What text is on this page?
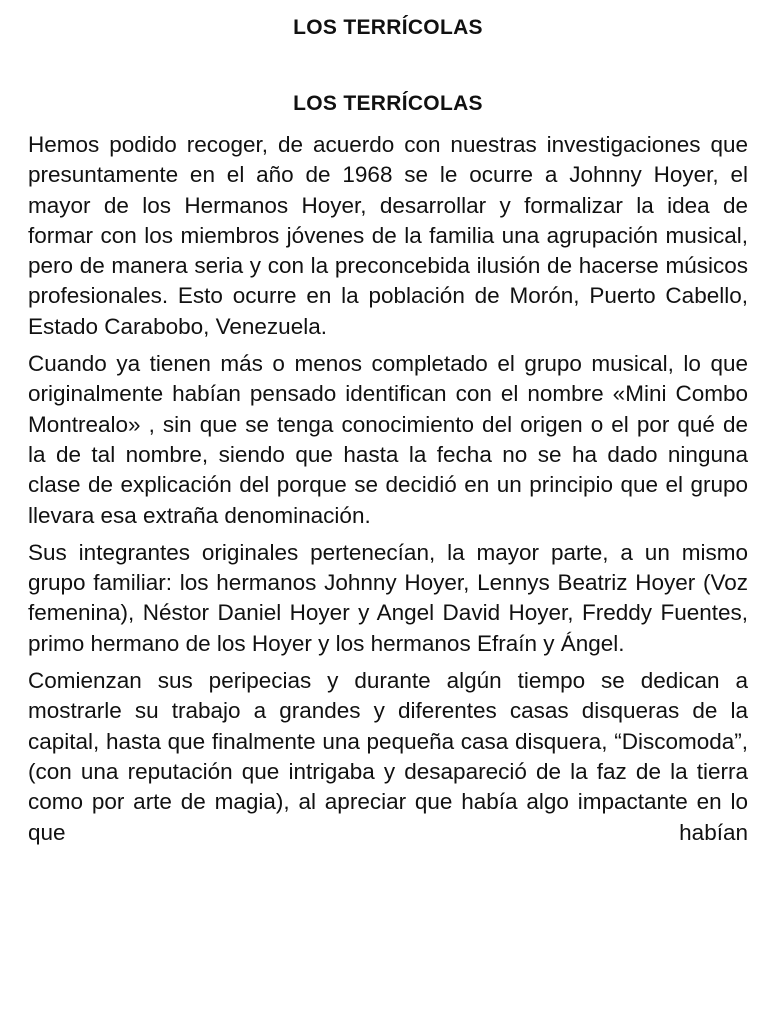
LOS TERRÍCOLAS
LOS TERRÍCOLAS

Hemos podido recoger, de acuerdo con nuestras investigaciones que presuntamente en el año de 1968 se le ocurre a Johnny Hoyer, el mayor de los Hermanos Hoyer, desarrollar y formalizar la idea de formar con los miembros jóvenes de la familia una agrupación musical, pero de manera seria y con la preconcebida ilusión de hacerse músicos profesionales. Esto ocurre en la población de Morón, Puerto Cabello, Estado Carabobo, Venezuela.

Cuando ya tienen más o menos completado el grupo musical, lo que originalmente habían pensado identifican con el nombre «Mini Combo Montrealo» , sin que se tenga conocimiento del origen o el por qué de la de tal nombre, siendo que hasta la fecha no se ha dado ninguna clase de explicación del porque se decidió en un principio que el grupo llevara esa extraña denominación.

Sus integrantes originales pertenecían, la mayor parte, a un mismo grupo familiar: los hermanos Johnny Hoyer, Lennys Beatriz Hoyer (Voz femenina), Néstor Daniel Hoyer y Angel David Hoyer, Freddy Fuentes, primo hermano de los Hoyer y los hermanos Efraín y Ángel.

Comienzan sus peripecias y durante algún tiempo se dedican a mostrarle su trabajo a grandes y diferentes casas disqueras de la capital, hasta que finalmente una pequeña casa disquera, “Discomoda”, (con una reputación que intrigaba y desapareció de la faz de la tierra como por arte de magia), al apreciar que había algo impactante en lo que habían
